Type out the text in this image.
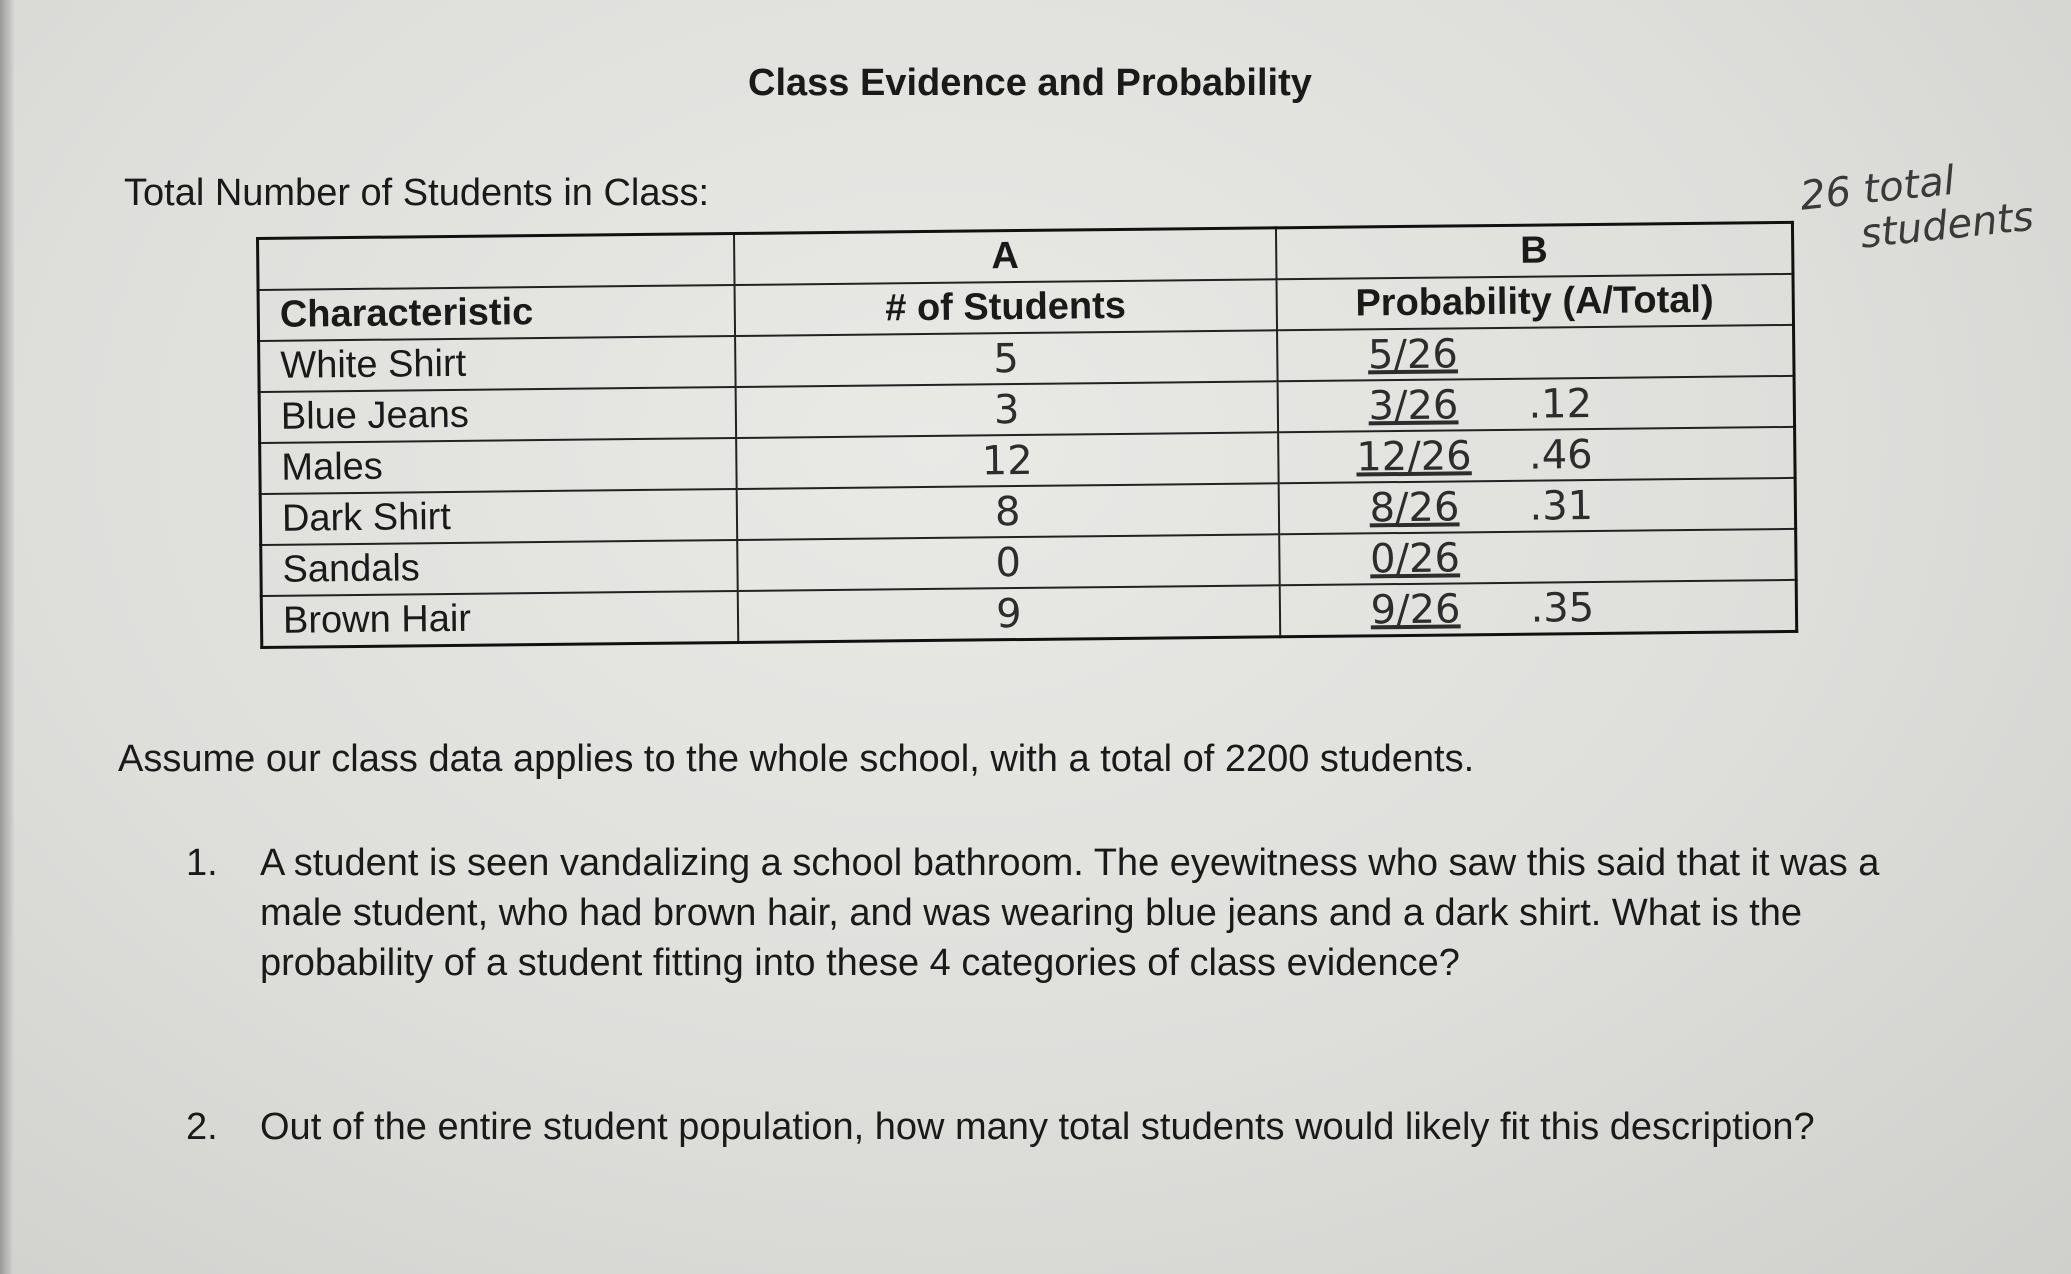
Class Evidence and Probability
Total Number of Students in Class:	26 total
students
	A	B
Characteristic	# of Students	Probability (A/Total)
White Shirt	5	5/26
Blue Jeans	3	3/26 .12
Males	12	12/26 .46
Dark Shirt	8	8/26 .31
Sandals	0	0/26
Brown Hair	9	9/26 .35
Assume our class data applies to the whole school, with a total of 2200 students.
1. A student is seen vandalizing a school bathroom. The eyewitness who saw this said that it was a male student, who had brown hair, and was wearing blue jeans and a dark shirt. What is the probability of a student fitting into these 4 categories of class evidence?
2. Out of the entire student population, how many total students would likely fit this description?
